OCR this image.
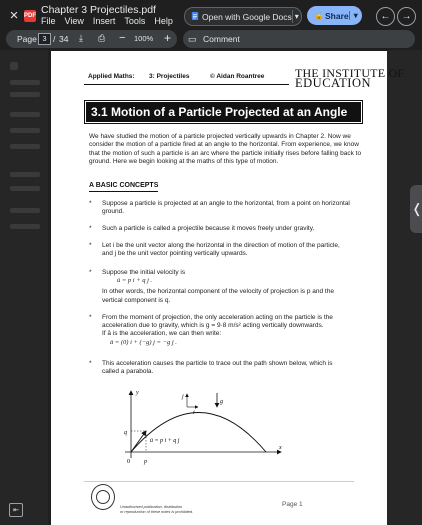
× PDF Chapter 3 Projectiles.pdf
File View Insert Tools Help	Open with Google Docs ▾ 🔒 Share ▾	←	→
Page 3 / 34 ⤓ ⎙ − 100% + ▭ Comment
❬
⇤
Applied Maths: 3: Projectiles	© Aidan Roantree	THE INSTITUTE OF
EDUCATION
3.1 Motion of a Particle Projected at an Angle
We have studied the motion of a particle projected vertically upwards in Chapter 2. Now we
consider the motion of a particle fired at an angle to the horizontal. From experience, we know
that the motion of such a particle is an arc where the particle initially rises before falling back to
ground. Here we begin looking at the maths of this type of motion.
A BASIC CONCEPTS
* Suppose a particle is projected at an angle to the horizontal, from a point on horizontal
ground.
* Such a particle is called a projectile because it moves freely under gravity.
* Let i be the unit vector along the horizontal in the direction of motion of the particle,
and j be the unit vector pointing vertically upwards.
* Suppose the initial velocity is
ū = p i + q j .
In other words, the horizontal component of the velocity of projection is p and the
vertical component is q.
* From the moment of projection, the only acceleration acting on the particle is the
acceleration due to gravity, which is g = 9·8 m/s² acting vertically downwards.
If ā is the acceleration, we can then write:
ā = (0) i + (−g) j = −g j .
* This acceleration causes the particle to trace out the path shown below, which is
called a parabola.
y
x
q
p
0
j
i
g
ū = p i + q j
Unauthorised publication, distribution
or reproduction of these notes is prohibited.
Page 1
